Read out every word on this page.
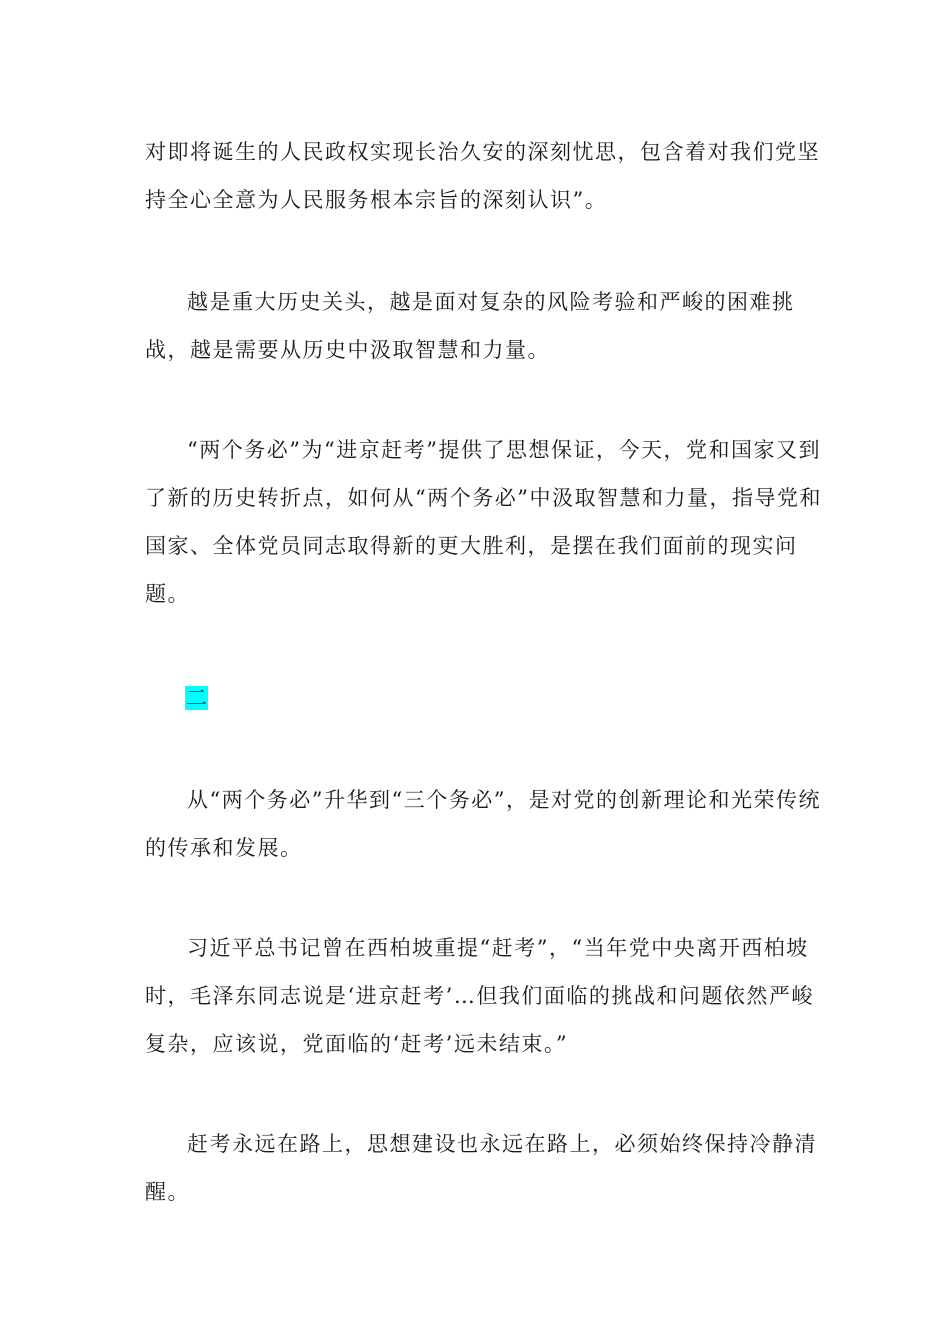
对即将诞生的人民政权实现长治久安的深刻忧思，包含着对我们党坚持全心全意为人民服务根本宗旨的深刻认识”。

越是重大历史关头，越是面对复杂的风险考验和严峻的困难挑战，越是需要从历史中汲取智慧和力量。

“两个务必”为“进京赶考”提供了思想保证，今天，党和国家又到了新的历史转折点，如何从“两个务必”中汲取智慧和力量，指导党和国家、全体党员同志取得新的更大胜利，是摆在我们面前的现实问题。

二

从“两个务必”升华到“三个务必”，是对党的创新理论和光荣传统的传承和发展。

习近平总书记曾在西柏坡重提“赶考”，“当年党中央离开西柏坡时，毛泽东同志说是‘进京赶考’…但我们面临的挑战和问题依然严峻复杂，应该说，党面临的‘赶考’远未结束。”

赶考永远在路上，思想建设也永远在路上，必须始终保持冷静清醒。
